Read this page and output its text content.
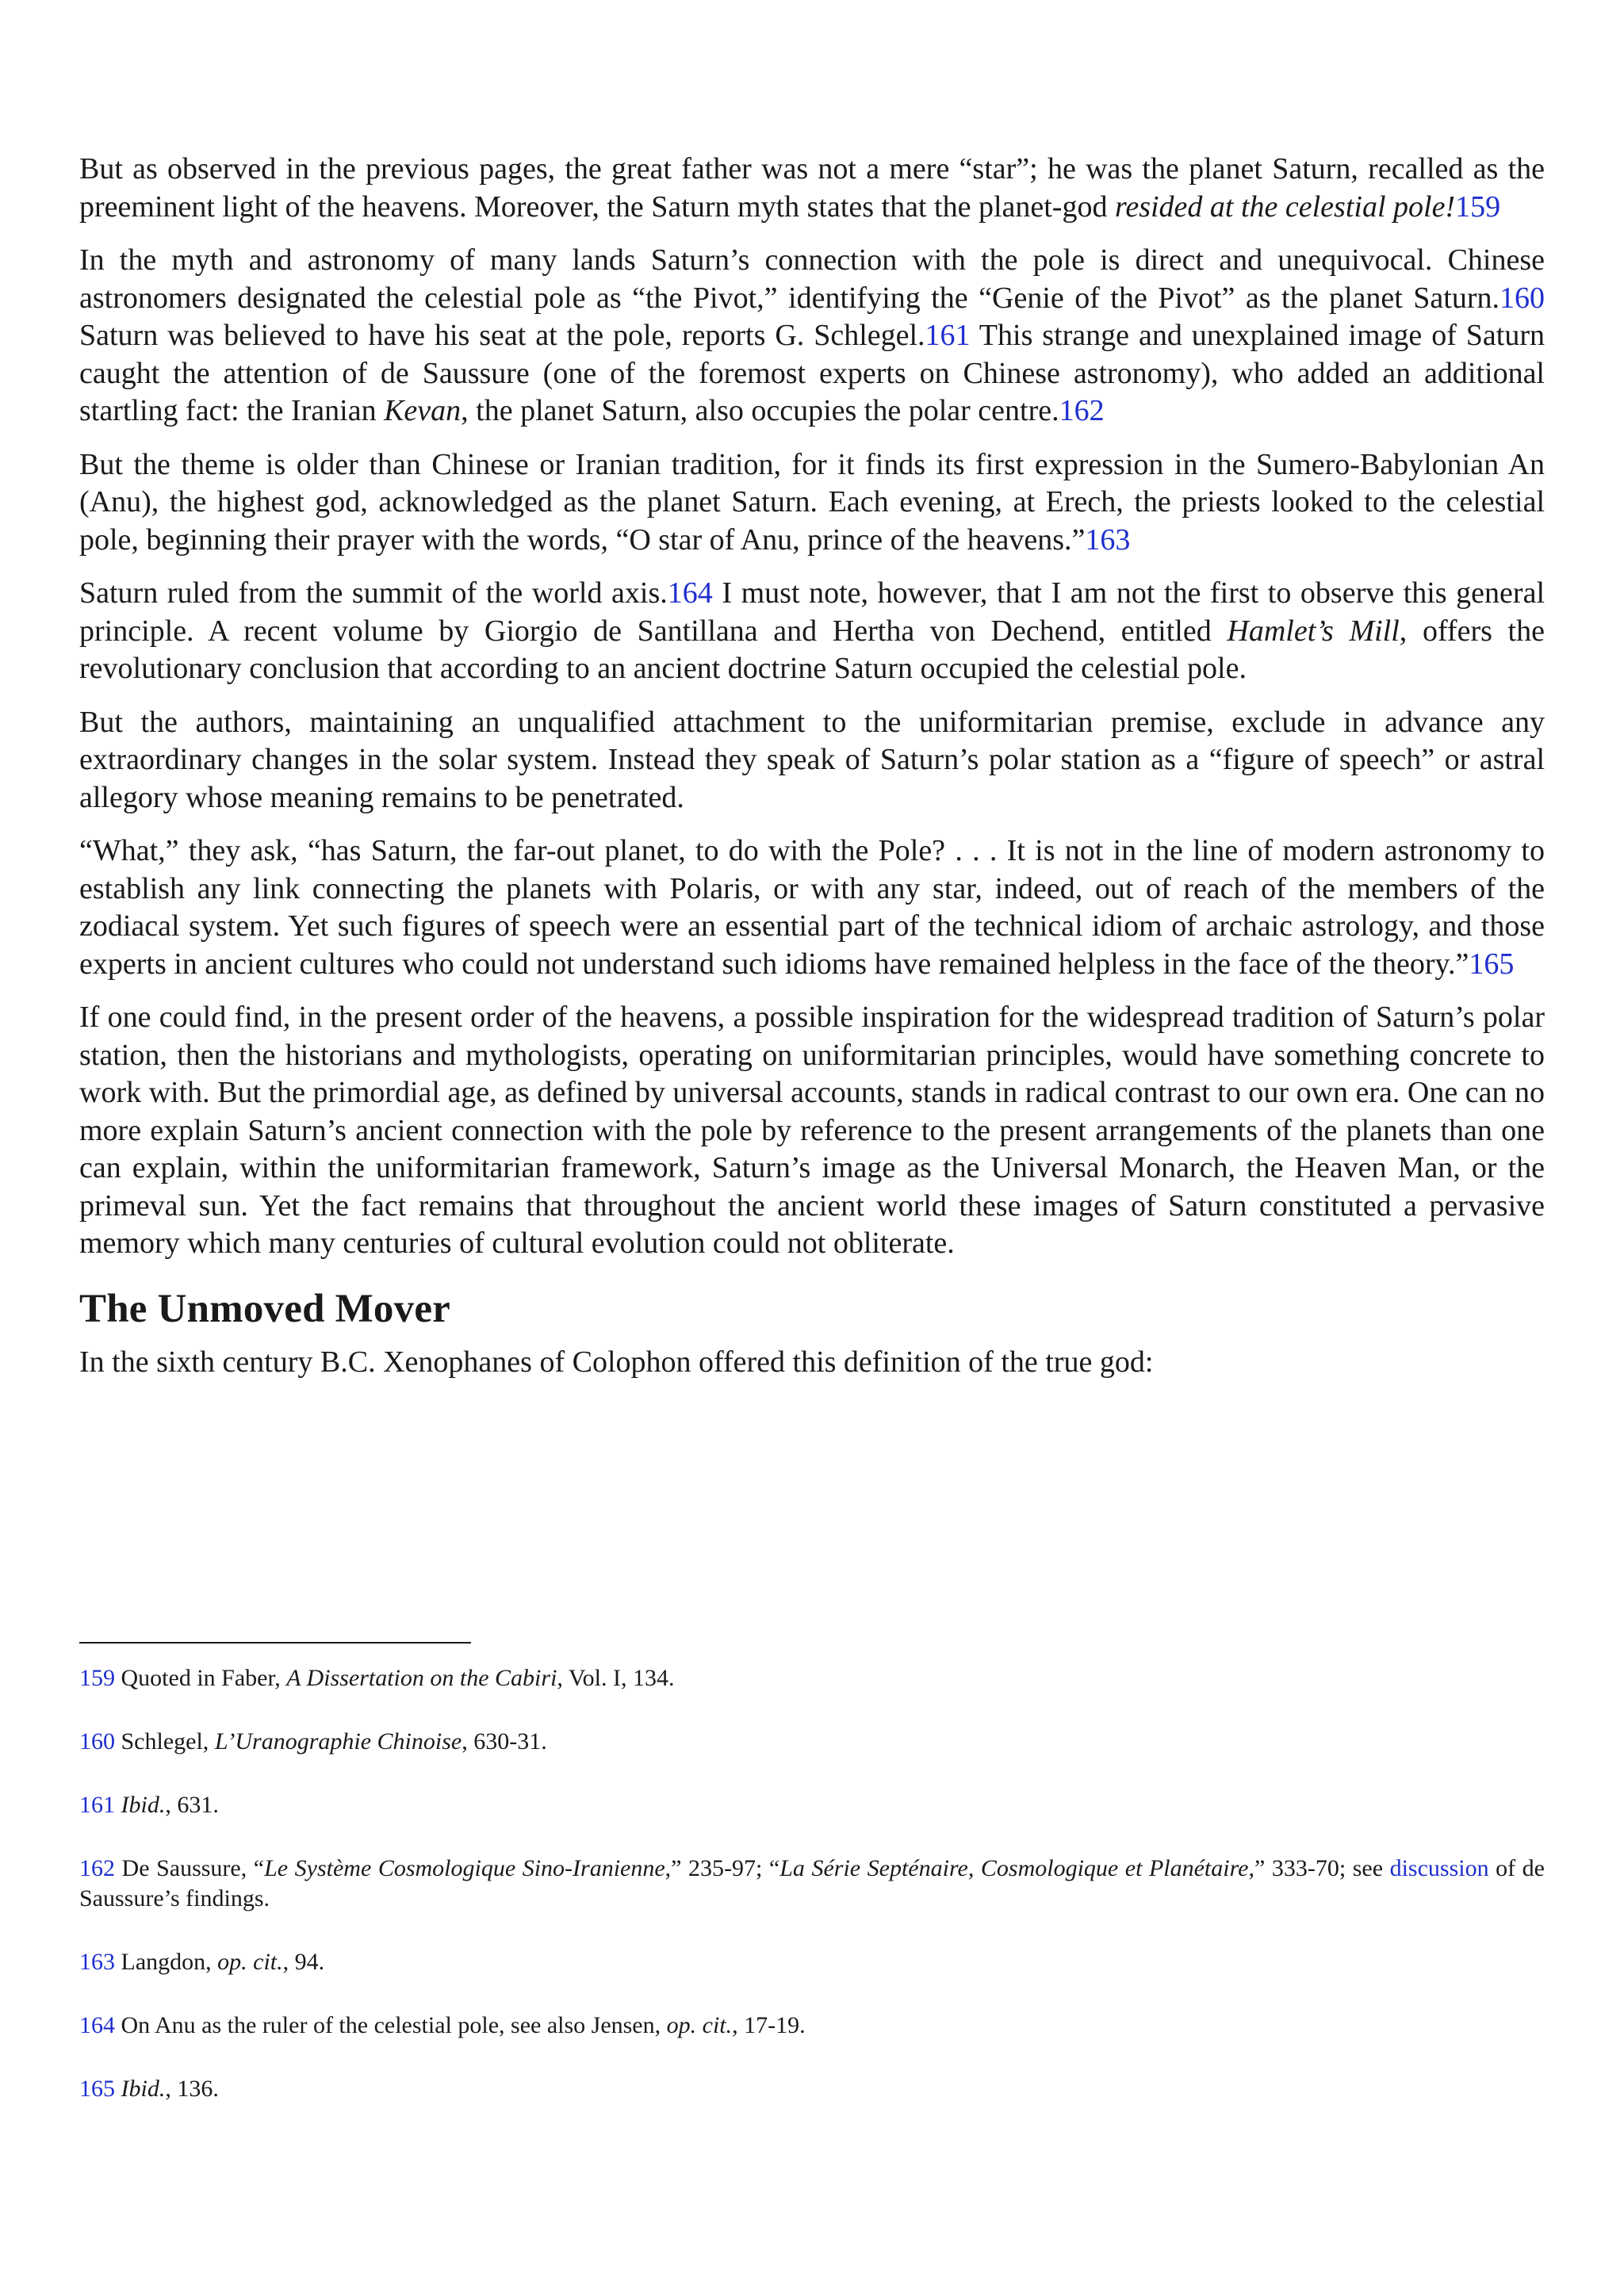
But as observed in the previous pages, the great father was not a mere “star”; he was the planet Saturn, recalled as the preeminent light of the heavens. Moreover, the Saturn myth states that the planet-god resided at the celestial pole!159

In the myth and astronomy of many lands Saturn’s connection with the pole is direct and unequivocal. Chinese astronomers designated the celestial pole as “the Pivot,” identifying the “Genie of the Pivot” as the planet Saturn.160 Saturn was believed to have his seat at the pole, reports G. Schlegel.161 This strange and unexplained image of Saturn caught the attention of de Saussure (one of the foremost experts on Chinese astronomy), who added an additional startling fact: the Iranian Kevan, the planet Saturn, also occupies the polar centre.162

But the theme is older than Chinese or Iranian tradition, for it finds its first expression in the Sumero-Babylonian An (Anu), the highest god, acknowledged as the planet Saturn. Each evening, at Erech, the priests looked to the celestial pole, beginning their prayer with the words, “O star of Anu, prince of the heavens.”163

Saturn ruled from the summit of the world axis.164 I must note, however, that I am not the first to observe this general principle. A recent volume by Giorgio de Santillana and Hertha von Dechend, entitled Hamlet’s Mill, offers the revolutionary conclusion that according to an ancient doctrine Saturn occupied the celestial pole.

But the authors, maintaining an unqualified attachment to the uniformitarian premise, exclude in advance any extraordinary changes in the solar system. Instead they speak of Saturn’s polar station as a “figure of speech” or astral allegory whose meaning remains to be penetrated.

“What,” they ask, “has Saturn, the far-out planet, to do with the Pole? . . . It is not in the line of modern astronomy to establish any link connecting the planets with Polaris, or with any star, indeed, out of reach of the members of the zodiacal system. Yet such figures of speech were an essential part of the technical idiom of archaic astrology, and those experts in ancient cultures who could not understand such idioms have remained helpless in the face of the theory.”165

If one could find, in the present order of the heavens, a possible inspiration for the widespread tradition of Saturn’s polar station, then the historians and mythologists, operating on uniformitarian principles, would have something concrete to work with. But the primordial age, as defined by universal accounts, stands in radical contrast to our own era. One can no more explain Saturn’s ancient connection with the pole by reference to the present arrangements of the planets than one can explain, within the uniformitarian framework, Saturn’s image as the Universal Monarch, the Heaven Man, or the primeval sun. Yet the fact remains that throughout the ancient world these images of Saturn constituted a pervasive memory which many centuries of cultural evolution could not obliterate.

The Unmoved Mover

In the sixth century B.C. Xenophanes of Colophon offered this definition of the true god:

159 Quoted in Faber, A Dissertation on the Cabiri, Vol. I, 134.

160 Schlegel, L’Uranographie Chinoise, 630-31.

161 Ibid., 631.

162 De Saussure, “Le Système Cosmologique Sino-Iranienne,” 235-97; “La Série Septénaire, Cosmologique et Planétaire,” 333-70; see discussion of de Saussure’s findings.

163 Langdon, op. cit., 94.

164 On Anu as the ruler of the celestial pole, see also Jensen, op. cit., 17-19.

165 Ibid., 136.
